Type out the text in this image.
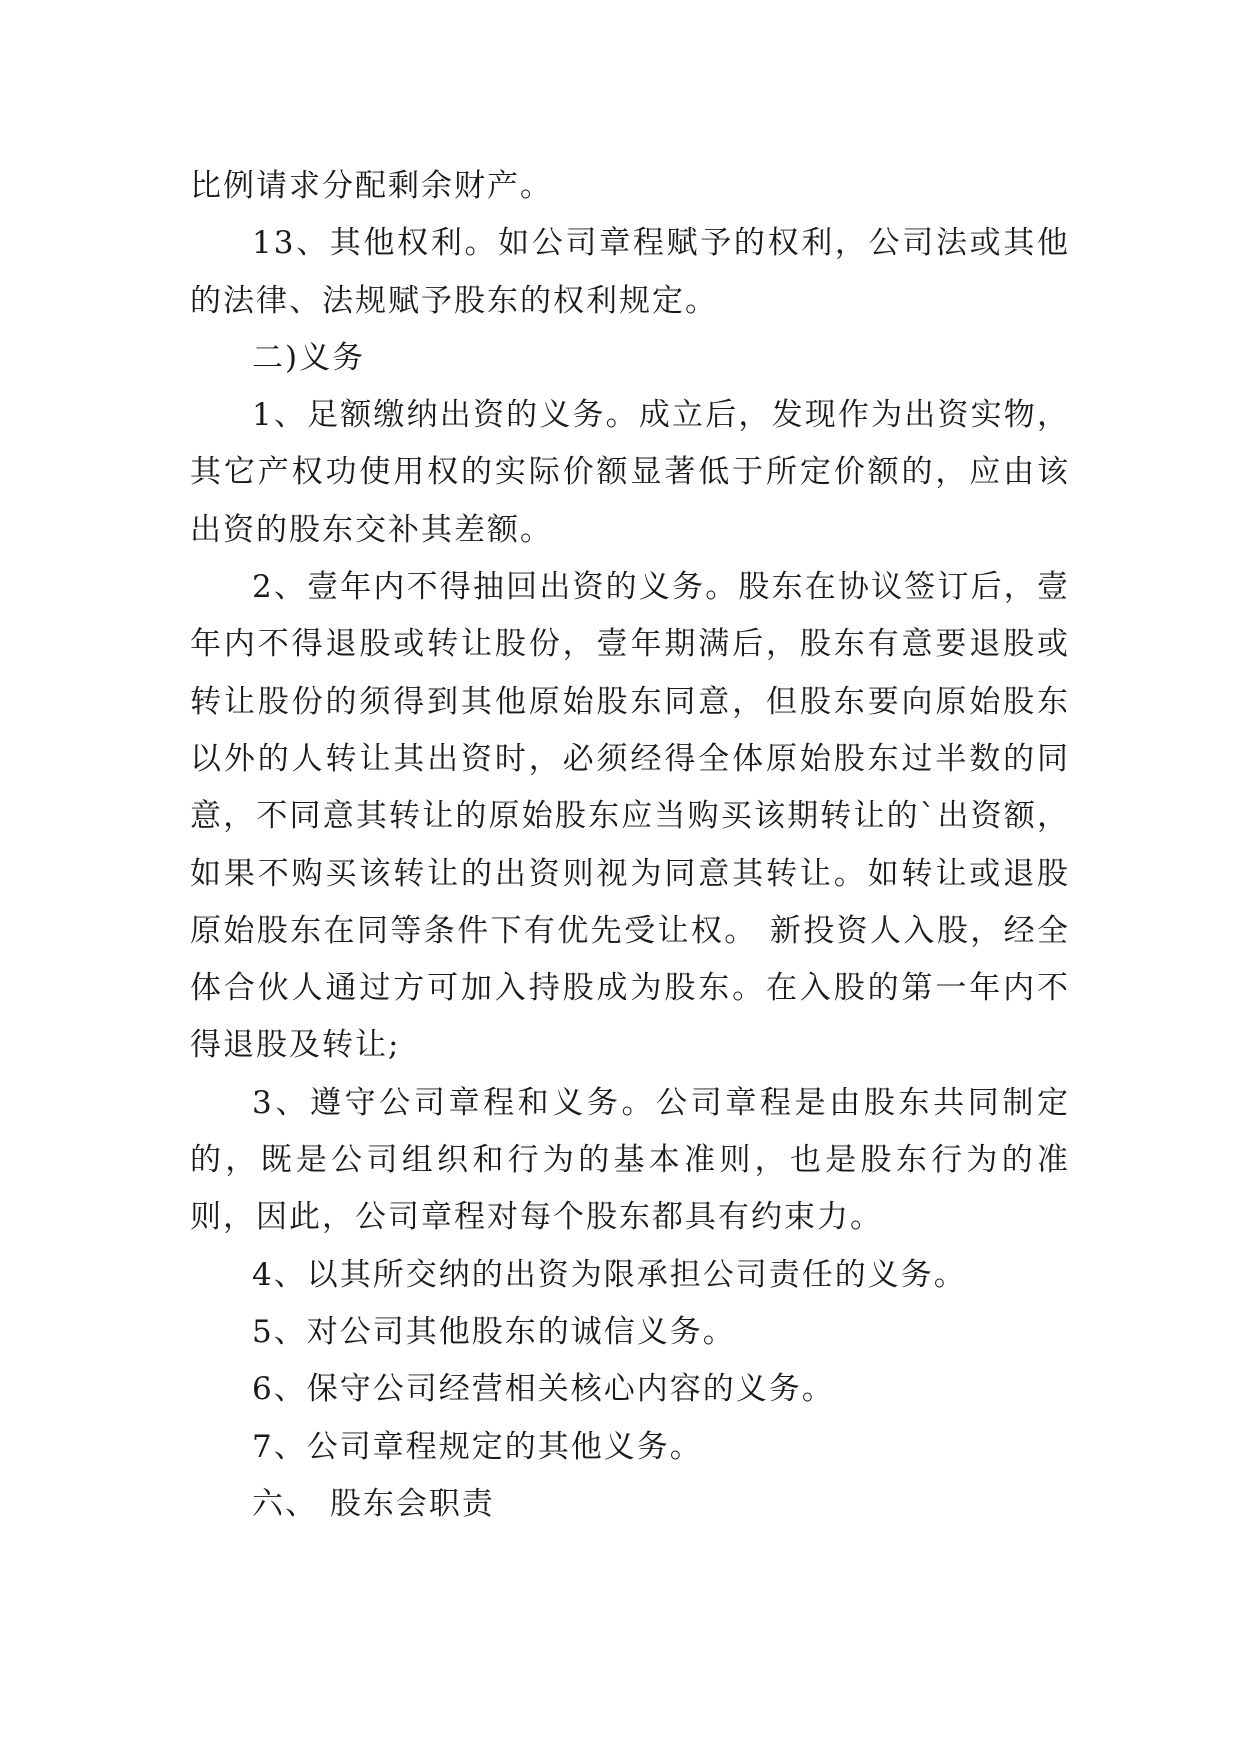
比例请求分配剩余财产。

13、其他权利。如公司章程赋予的权利，公司法或其他的法律、法规赋予股东的权利规定。

二)义务

1、足额缴纳出资的义务。成立后，发现作为出资实物，其它产权功使用权的实际价额显著低于所定价额的，应由该出资的股东交补其差额。

2、壹年内不得抽回出资的义务。股东在协议签订后，壹年内不得退股或转让股份，壹年期满后，股东有意要退股或转让股份的须得到其他原始股东同意，但股东要向原始股东以外的人转让其出资时，必须经得全体原始股东过半数的同意，不同意其转让的原始股东应当购买该期转让的`出资额，如果不购买该转让的出资则视为同意其转让。如转让或退股原始股东在同等条件下有优先受让权。 新投资人入股，经全体合伙人通过方可加入持股成为股东。在入股的第一年内不得退股及转让;

3、遵守公司章程和义务。公司章程是由股东共同制定的，既是公司组织和行为的基本准则，也是股东行为的准则，因此，公司章程对每个股东都具有约束力。

4、以其所交纳的出资为限承担公司责任的义务。

5、对公司其他股东的诚信义务。

6、保守公司经营相关核心内容的义务。

7、公司章程规定的其他义务。

六、 股东会职责
